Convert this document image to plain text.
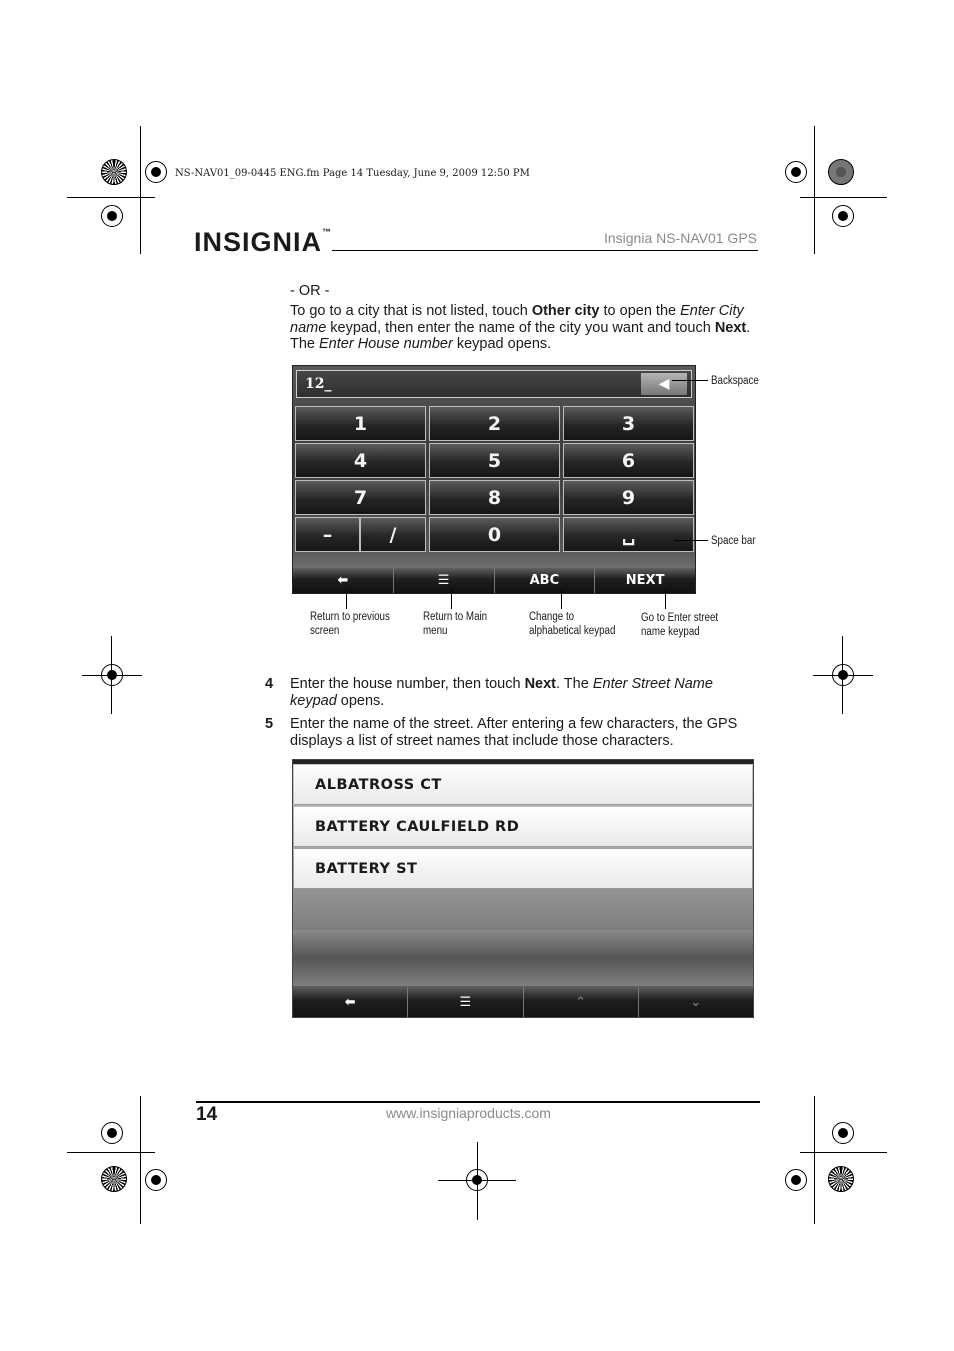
NS-NAV01_09-0445 ENG.fm Page 14 Tuesday, June 9, 2009 12:50 PM
INSIGNIA™	Insignia NS-NAV01 GPS
- OR -
To go to a city that is not listed, touch Other city to open the Enter City name keypad, then enter the name of the city you want and touch Next. The Enter House number keypad opens.
12_	◀
1	2	3
4	5	6
7	8	9
–	/	0	␣
⬅	☰	ABC	NEXT
Backspace
Space bar
Return to previous screen
Return to Main menu
Change to alphabetical keypad
Go to Enter street name keypad
4 Enter the house number, then touch Next. The Enter Street Name keypad opens.
5 Enter the name of the street. After entering a few characters, the GPS displays a list of street names that include those characters.
ALBATROSS CT
BATTERY CAULFIELD RD
BATTERY ST
⬅	☰	⌃	⌄
14	www.insigniaproducts.com
